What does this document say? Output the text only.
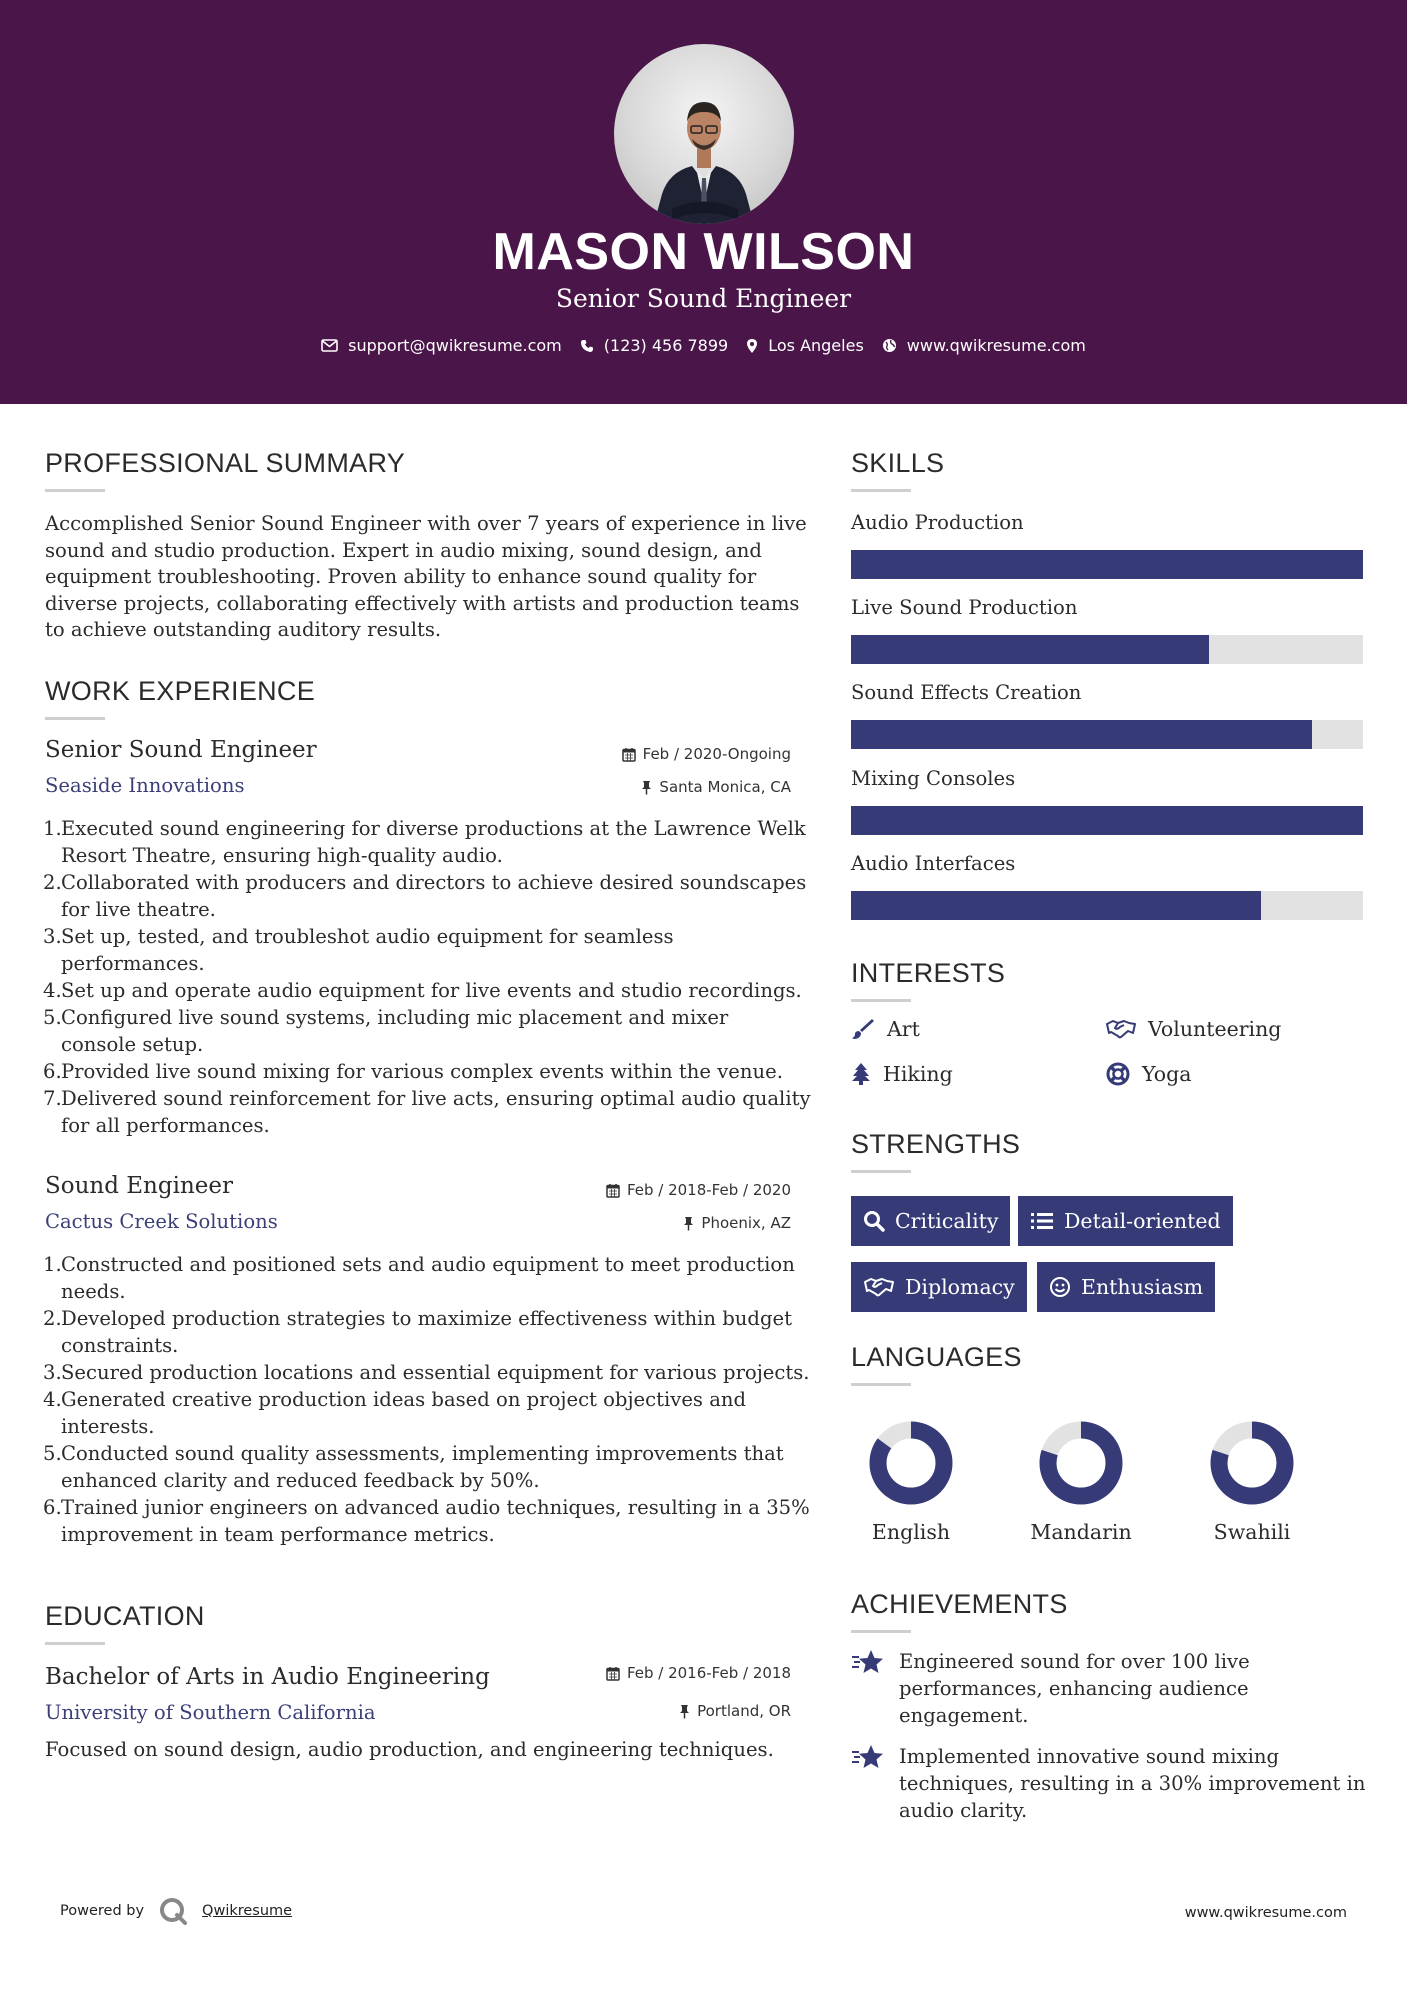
MASON WILSON
Senior Sound Engineer
support@qwikresume.com	(123) 456 7899	Los Angeles	www.qwikresume.com
PROFESSIONAL SUMMARY
Accomplished Senior Sound Engineer with over 7 years of experience in live
sound and studio production. Expert in audio mixing, sound design, and
equipment troubleshooting. Proven ability to enhance sound quality for
diverse projects, collaborating effectively with artists and production teams
to achieve outstanding auditory results.
WORK EXPERIENCE
Senior Sound Engineer
Seaside Innovations
Feb / 2020-Ongoing
Santa Monica, CA
1. Executed sound engineering for diverse productions at the Lawrence Welk
Resort Theatre, ensuring high-quality audio.
2. Collaborated with producers and directors to achieve desired soundscapes
for live theatre.
3. Set up, tested, and troubleshot audio equipment for seamless
performances.
4. Set up and operate audio equipment for live events and studio recordings.
5. Configured live sound systems, including mic placement and mixer
console setup.
6. Provided live sound mixing for various complex events within the venue.
7. Delivered sound reinforcement for live acts, ensuring optimal audio quality
for all performances.
Sound Engineer
Cactus Creek Solutions
Feb / 2018-Feb / 2020
Phoenix, AZ
1. Constructed and positioned sets and audio equipment to meet production
needs.
2. Developed production strategies to maximize effectiveness within budget
constraints.
3. Secured production locations and essential equipment for various projects.
4. Generated creative production ideas based on project objectives and
interests.
5. Conducted sound quality assessments, implementing improvements that
enhanced clarity and reduced feedback by 50%.
6. Trained junior engineers on advanced audio techniques, resulting in a 35%
improvement in team performance metrics.
EDUCATION
Bachelor of Arts in Audio Engineering
University of Southern California
Feb / 2016-Feb / 2018
Portland, OR
Focused on sound design, audio production, and engineering techniques.
SKILLS
Audio Production
Live Sound Production
Sound Effects Creation
Mixing Consoles
Audio Interfaces
INTERESTS
Art	Volunteering
Hiking	Yoga
STRENGTHS
Criticality	Detail-oriented
Diplomacy	Enthusiasm
LANGUAGES
English	Mandarin	Swahili
ACHIEVEMENTS
Engineered sound for over 100 live
performances, enhancing audience
engagement.
Implemented innovative sound mixing
techniques, resulting in a 30% improvement in
audio clarity.
Powered by	Qwikresume	www.qwikresume.com
